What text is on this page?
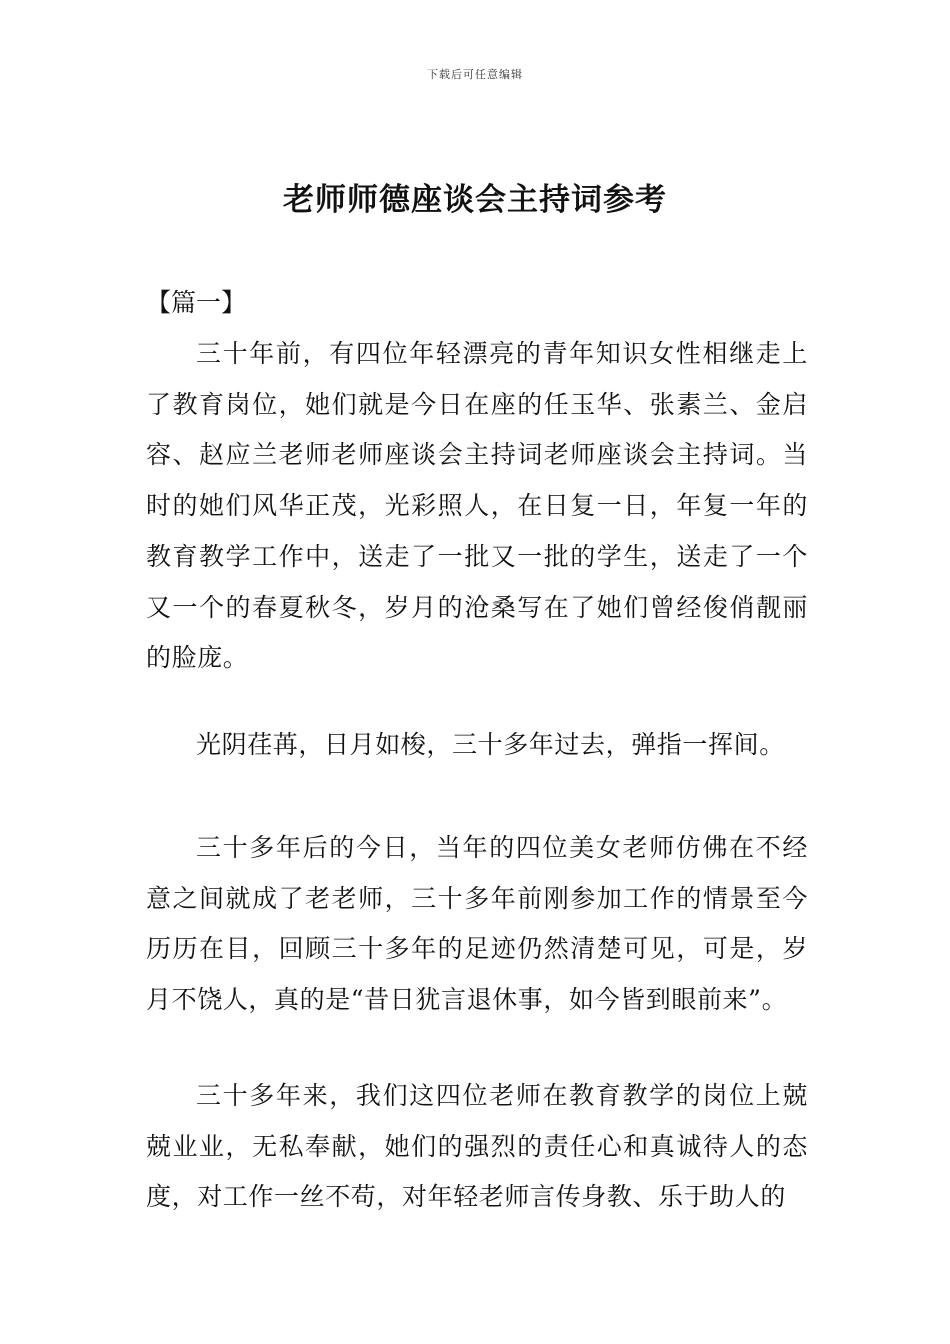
下载后可任意编辑
老师师德座谈会主持词参考

【篇一】

三十年前，有四位年轻漂亮的青年知识女性相继走上了教育岗位，她们就是今日在座的任玉华、张素兰、金启容、赵应兰老师老师座谈会主持词老师座谈会主持词。当时的她们风华正茂，光彩照人，在日复一日，年复一年的教育教学工作中，送走了一批又一批的学生，送走了一个又一个的春夏秋冬，岁月的沧桑写在了她们曾经俊俏靓丽的脸庞。

光阴荏苒，日月如梭，三十多年过去，弹指一挥间。

三十多年后的今日，当年的四位美女老师仿佛在不经意之间就成了老老师，三十多年前刚参加工作的情景至今历历在目，回顾三十多年的足迹仍然清楚可见，可是，岁月不饶人，真的是“昔日犹言退休事，如今皆到眼前来”。

三十多年来，我们这四位老师在教育教学的岗位上兢兢业业，无私奉献，她们的强烈的责任心和真诚待人的态度，对工作一丝不苟，对年轻老师言传身教、乐于助人的
